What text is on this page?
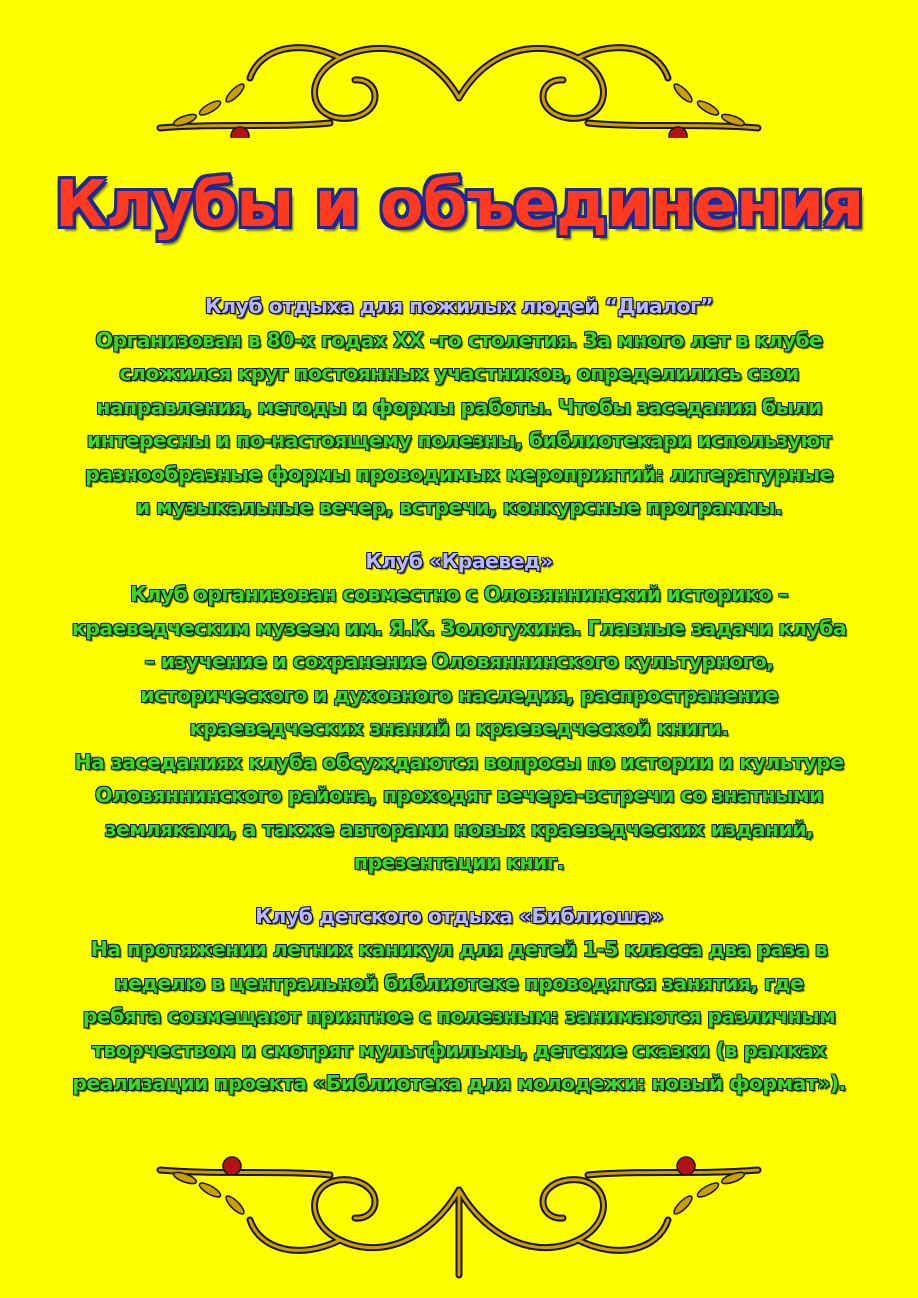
Клубы и объединения
Клуб отдыха для пожилых людей “Диалог”
Организован в 80-х годах XX -го столетия. За много лет в клубе
сложился круг постоянных участников, определились свои
направления, методы и формы работы. Чтобы заседания были
интересны и по-настоящему полезны, библиотекари используют
разнообразные формы проводимых мероприятий: литературные
и музыкальные вечер, встречи, конкурсные программы.
Клуб «Краевед»
Клуб организован совместно с Оловяннинский историко –
краеведческим музеем им. Я.К. Золотухина. Главные задачи клуба
– изучение и сохранение Оловяннинского культурного,
исторического и духовного наследия, распространение
краеведческих знаний и краеведческой книги.
На заседаниях клуба обсуждаются вопросы по истории и культуре
Оловяннинского района, проходят вечера-встречи со знатными
земляками, а также авторами новых краеведческих изданий,
презентации книг.
Клуб детского отдыха «Библиоша»
На протяжении летних каникул для детей 1-5 класса два раза в
неделю в центральной библиотеке проводятся занятия, где
ребята совмещают приятное с полезным: занимаются различным
творчеством и смотрят мультфильмы, детские сказки (в рамках
реализации проекта «Библиотека для молодежи: новый формат»).
